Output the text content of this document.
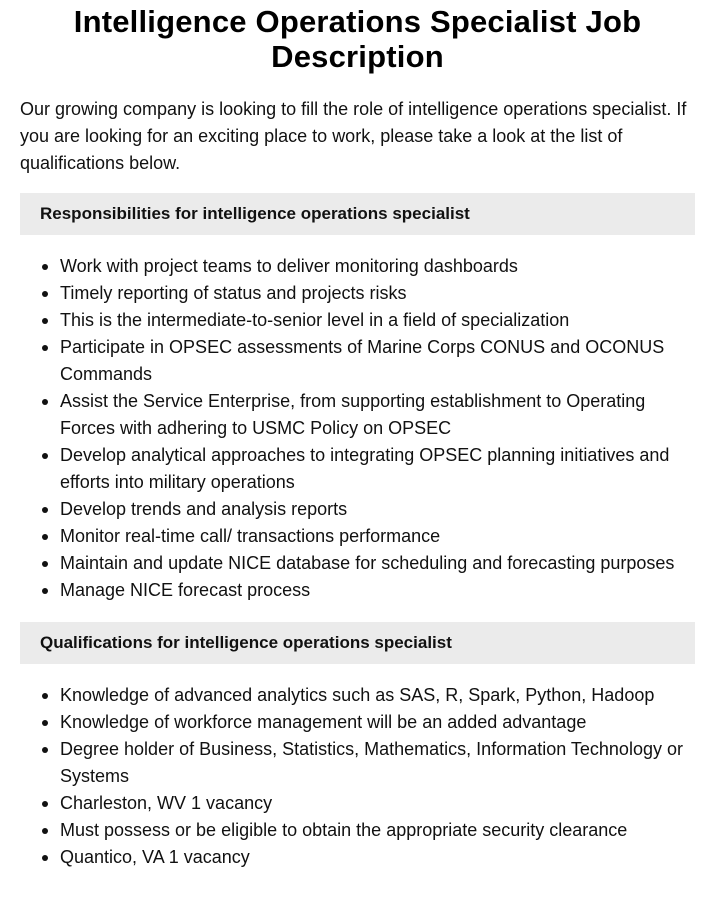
Intelligence Operations Specialist Job Description

Our growing company is looking to fill the role of intelligence operations specialist. If you are looking for an exciting place to work, please take a look at the list of qualifications below.

Responsibilities for intelligence operations specialist
Work with project teams to deliver monitoring dashboards
Timely reporting of status and projects risks
This is the intermediate-to-senior level in a field of specialization
Participate in OPSEC assessments of Marine Corps CONUS and OCONUS Commands
Assist the Service Enterprise, from supporting establishment to Operating Forces with adhering to USMC Policy on OPSEC
Develop analytical approaches to integrating OPSEC planning initiatives and efforts into military operations
Develop trends and analysis reports
Monitor real-time call/ transactions performance
Maintain and update NICE database for scheduling and forecasting purposes
Manage NICE forecast process
Qualifications for intelligence operations specialist
Knowledge of advanced analytics such as SAS, R, Spark, Python, Hadoop
Knowledge of workforce management will be an added advantage
Degree holder of Business, Statistics, Mathematics, Information Technology or Systems
Charleston, WV 1 vacancy
Must possess or be eligible to obtain the appropriate security clearance
Quantico, VA 1 vacancy
